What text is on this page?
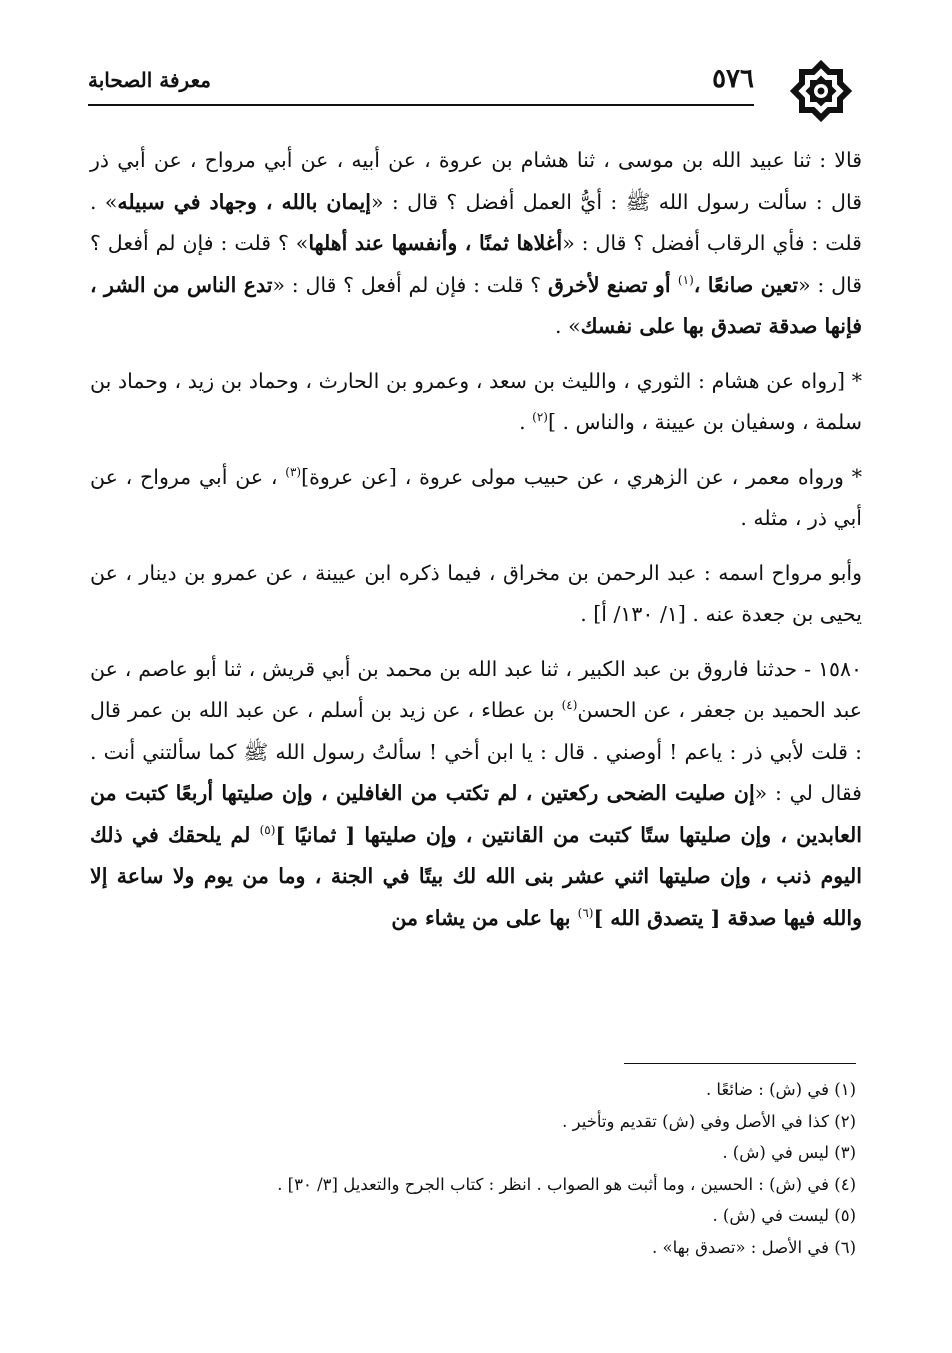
معرفة الصحابة	٥٧٦

قالا : ثنا عبيد الله بن موسى ، ثنا هشام بن عروة ، عن أبيه ، عن أبي مرواح ، عن أبي ذر قال : سألت رسول الله ﷺ : أيُّ العمل أفضل ؟ قال : «إيمان بالله ، وجهاد في سبيله» . قلت : فأي الرقاب أفضل ؟ قال : «أغلاها ثمنًا ، وأنفسها عند أهلها» ؟ قلت : فإن لم أفعل ؟ قال : «تعين صانعًا ،$^{(١)}$ أو تصنع لأخرق ؟ قلت : فإن لم أفعل ؟ قال : «تدع الناس من الشر ، فإنها صدقة تصدق بها على نفسك» .

* [رواه عن هشام : الثوري ، والليث بن سعد ، وعمرو بن الحارث ، وحماد بن زيد ، وحماد بن سلمة ، وسفيان بن عيينة ، والناس . ]$^{(٢)}$ .

* ورواه معمر ، عن الزهري ، عن حبيب مولى عروة ، [عن عروة]$^{(٣)}$ ، عن أبي مرواح ، عن أبي ذر ، مثله .

وأبو مرواح اسمه : عبد الرحمن بن مخراق ، فيما ذكره ابن عيينة ، عن عمرو بن دينار ، عن يحيى بن جعدة عنه . [١/ ١٣٠/ أ] .

١٥٨٠ - حدثنا فاروق بن عبد الكبير ، ثنا عبد الله بن محمد بن أبي قريش ، ثنا أبو عاصم ، عن عبد الحميد بن جعفر ، عن الحسن$^{(٤)}$ بن عطاء ، عن زيد بن أسلم ، عن عبد الله بن عمر قال : قلت لأبي ذر : ياعم ! أوصني . قال : يا ابن أخي ! سألتُ رسول الله ﷺ كما سألتني أنت . فقال لي : «إن صليت الضحى ركعتين ، لم تكتب من الغافلين ، وإن صليتها أربعًا كتبت من العابدين ، وإن صليتها ستًا كتبت من القانتين ، وإن صليتها [ ثمانيًا ]$^{(٥)}$ لم يلحقك في ذلك اليوم ذنب ، وإن صليتها اثني عشر بنى الله لك بيتًا في الجنة ، وما من يوم ولا ساعة إلا والله فيها صدقة [ يتصدق الله ]$^{(٦)}$ بها على من يشاء من

(١) في (ش) : ضائعًا .

(٢) كذا في الأصل وفي (ش) تقديم وتأخير .

(٣) ليس في (ش) .

(٤) في (ش) : الحسين ، وما أثبت هو الصواب . انظر : كتاب الجرح والتعديل [٣/ ٣٠] .

(٥) ليست في (ش) .

(٦) في الأصل : «تصدق بها» .
